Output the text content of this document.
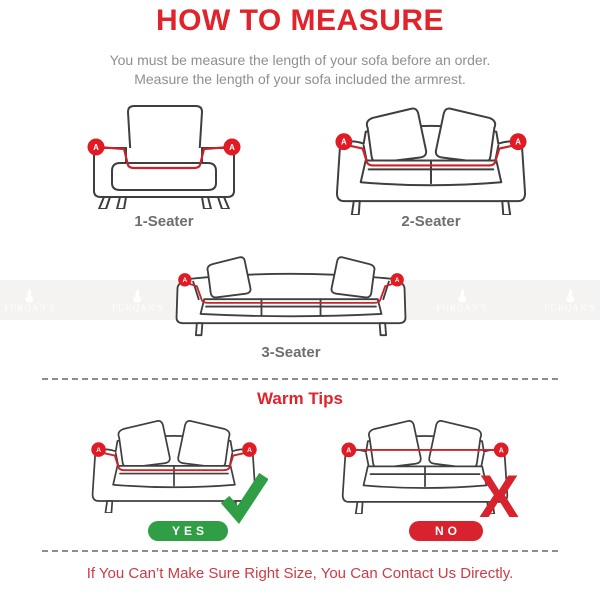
HOW TO MEASURE

You must be measure the length of your sofa before an order.

Measure the length of your sofa included the armrest.

FURQAN'S	FURQAN'S	FURQAN'S	FURQAN'S

1-Seater	2-Seater

3-Seater

Warm Tips
YES

X

NO

If You Can’t Make Sure Right Size, You Can Contact Us Directly.
